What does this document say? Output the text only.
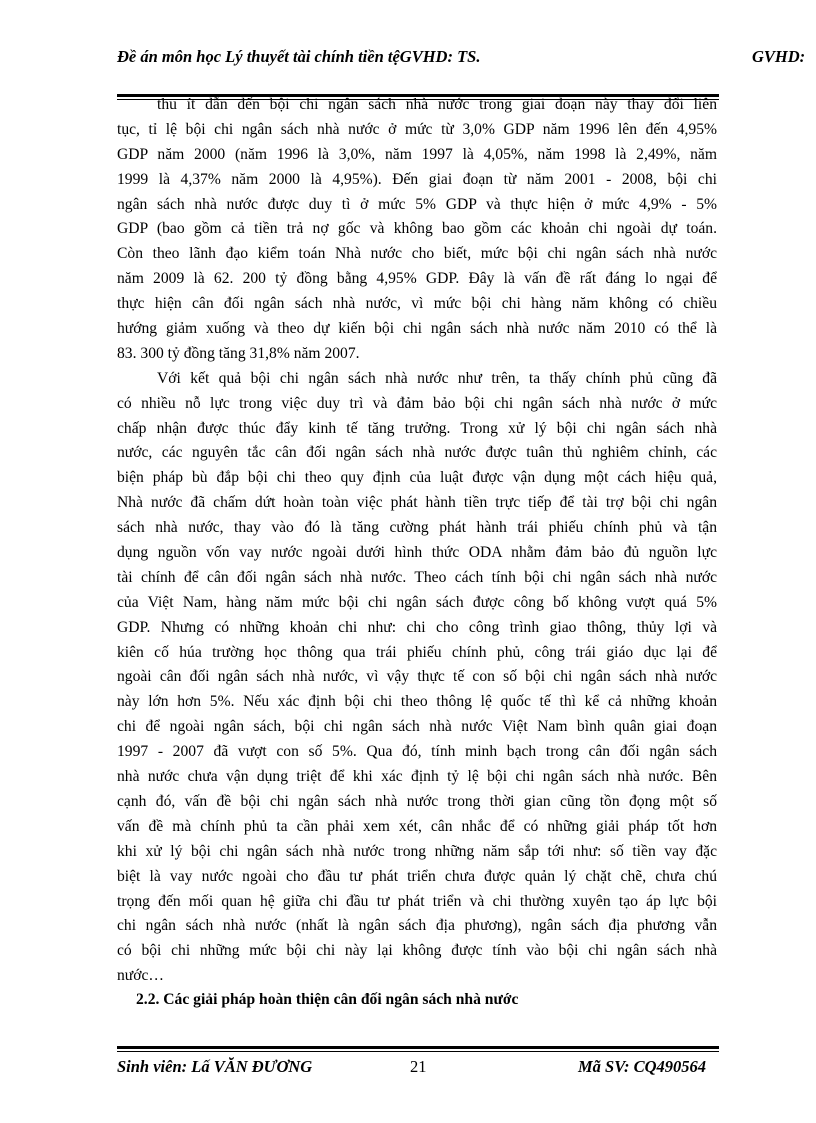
Đề án môn học Lý thuyết tài chính tiền tệGVHD: TS.	GVHD:
thu ít dẫn đến bội chi ngân sách nhà nước trong giai đoạn này thay đổi liên
tục, tỉ lệ bội chi ngân sách nhà nước ở mức từ 3,0% GDP năm 1996 lên đến 4,95%
GDP năm 2000 (năm 1996 là 3,0%, năm 1997 là 4,05%, năm 1998 là 2,49%, năm
1999 là 4,37% năm 2000 là 4,95%). Đến giai đoạn từ năm 2001 - 2008, bội chi
ngân sách nhà nước được duy tì ở mức 5% GDP và thực hiện ở mức 4,9% - 5%
GDP (bao gồm cả tiền trả nợ gốc và không bao gồm các khoản chi ngoài dự toán.
Còn theo lãnh đạo kiểm toán Nhà nước cho biết, mức bội chi ngân sách nhà nước
năm 2009 là 62. 200 tỷ đồng bằng 4,95% GDP. Đây là vấn đề rất đáng lo ngại để
thực hiện cân đối ngân sách nhà nước, vì mức bội chi hàng năm không có chiều
hướng giảm xuống và theo dự kiến bội chi ngân sách nhà nước năm 2010 có thể là
83. 300 tỷ đồng tăng 31,8% năm 2007.
Với kết quả bội chi ngân sách nhà nước như trên, ta thấy chính phủ cũng đã
có nhiều nỗ lực trong việc duy trì và đảm bảo bội chi ngân sách nhà nước ở mức
chấp nhận được thúc đẩy kinh tế tăng trưởng. Trong xử lý bội chi ngân sách nhà
nước, các nguyên tắc cân đối ngân sách nhà nước được tuân thủ nghiêm chỉnh, các
biện pháp bù đắp bội chi theo quy định của luật được vận dụng một cách hiệu quả,
Nhà nước đã chấm dứt hoàn toàn việc phát hành tiền trực tiếp để tài trợ bội chi ngân
sách nhà nước, thay vào đó là tăng cường phát hành trái phiếu chính phủ và tận
dụng nguồn vốn vay nước ngoài dưới hình thức ODA nhằm đảm bảo đủ nguồn lực
tài chính để cân đối ngân sách nhà nước. Theo cách tính bội chi ngân sách nhà nước
của Việt Nam, hàng năm mức bội chi ngân sách được công bố không vượt quá 5%
GDP. Nhưng có những khoản chi như: chi cho công trình giao thông, thủy lợi và
kiên cố húa trường học thông qua trái phiếu chính phủ, công trái giáo dục lại để
ngoài cân đối ngân sách nhà nước, vì vậy thực tế con số bội chi ngân sách nhà nước
này lớn hơn 5%. Nếu xác định bội chi theo thông lệ quốc tế thì kể cả những khoản
chi để ngoài ngân sách, bội chi ngân sách nhà nước Việt Nam bình quân giai đoạn
1997 - 2007 đã vượt con số 5%. Qua đó, tính minh bạch trong cân đối ngân sách
nhà nước chưa vận dụng triệt để khi xác định tỷ lệ bội chi ngân sách nhà nước. Bên
cạnh đó, vấn đề bội chi ngân sách nhà nước trong thời gian cũng tồn đọng một số
vấn đề mà chính phủ ta cần phải xem xét, cân nhắc để có những giải pháp tốt hơn
khi xử lý bội chi ngân sách nhà nước trong những năm sắp tới như: số tiền vay đặc
biệt là vay nước ngoài cho đầu tư phát triển chưa được quản lý chặt chẽ, chưa chú
trọng đến mối quan hệ giữa chi đầu tư phát triển và chi thường xuyên tạo áp lực bội
chi ngân sách nhà nước (nhất là ngân sách địa phương), ngân sách địa phương vẫn
có bội chi những mức bội chi này lại không được tính vào bội chi ngân sách nhà
nước…
2.2. Các giải pháp hoàn thiện cân đối ngân sách nhà nước
Sinh viên: Lấ VĂN ĐƯƠNG	21	Mã SV: CQ490564
